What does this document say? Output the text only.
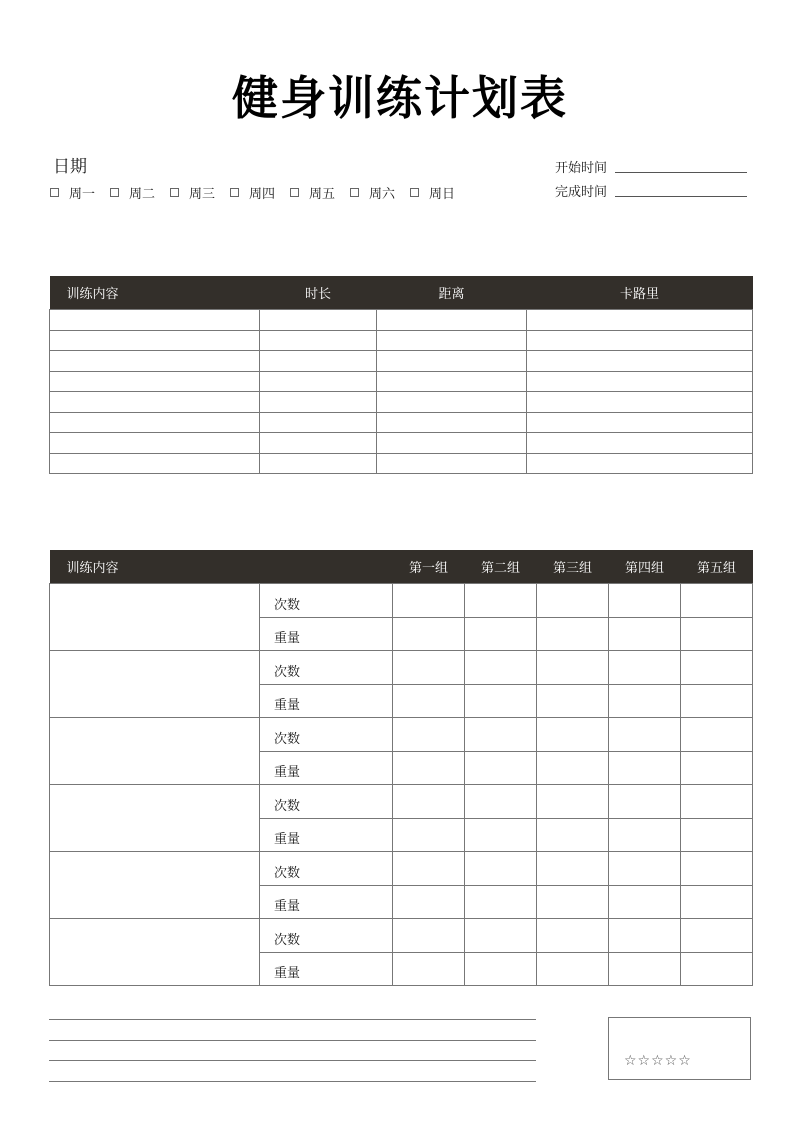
健身训练计划表
日期
周一	周二	周三	周四	周五	周六	周日
开始时间
完成时间
训练内容	时长	距离	卡路里

训练内容		第一组	第二组	第三组	第四组	第五组
	次数					
	重量					
	次数					
	重量					
	次数					
	重量					
	次数					
	重量					
	次数					
	重量					
	次数					
	重量					
☆☆☆☆☆
